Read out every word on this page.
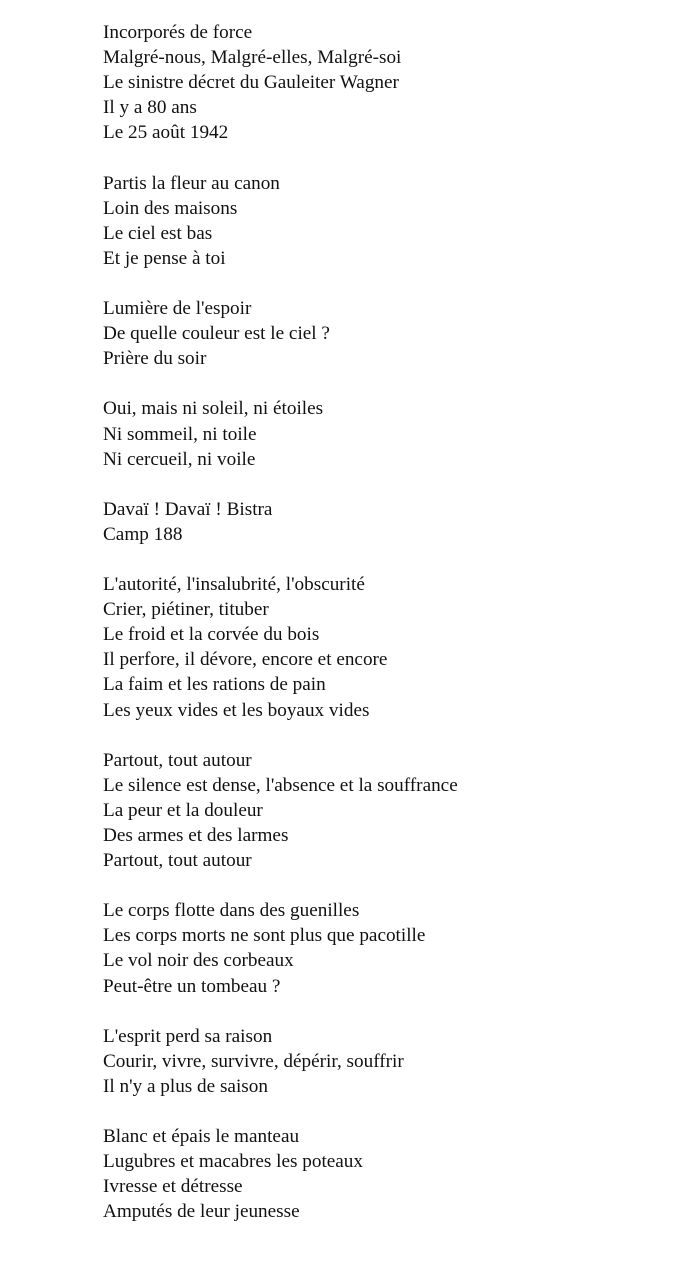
Incorporés de force
Malgré-nous, Malgré-elles, Malgré-soi
Le sinistre décret du Gauleiter Wagner
Il y a 80 ans
Le 25 août 1942
Partis la fleur au canon
Loin des maisons
Le ciel est bas
Et je pense à toi
Lumière de l'espoir
De quelle couleur est le ciel ?
Prière du soir
Oui, mais ni soleil, ni étoiles
Ni sommeil, ni toile
Ni cercueil, ni voile
Davaï ! Davaï ! Bistra
Camp 188
L'autorité, l'insalubrité, l'obscurité
Crier, piétiner, tituber
Le froid et la corvée du bois
Il perfore, il dévore, encore et encore
La faim et les rations de pain
Les yeux vides et les boyaux vides
Partout, tout autour
Le silence est dense, l'absence et la souffrance
La peur et la douleur
Des armes et des larmes
Partout, tout autour
Le corps flotte dans des guenilles
Les corps morts ne sont plus que pacotille
Le vol noir des corbeaux
Peut-être un tombeau ?
L'esprit perd sa raison
Courir, vivre, survivre, dépérir, souffrir
Il n'y a plus de saison
Blanc et épais le manteau
Lugubres et macabres les poteaux
Ivresse et détresse
Amputés de leur jeunesse
